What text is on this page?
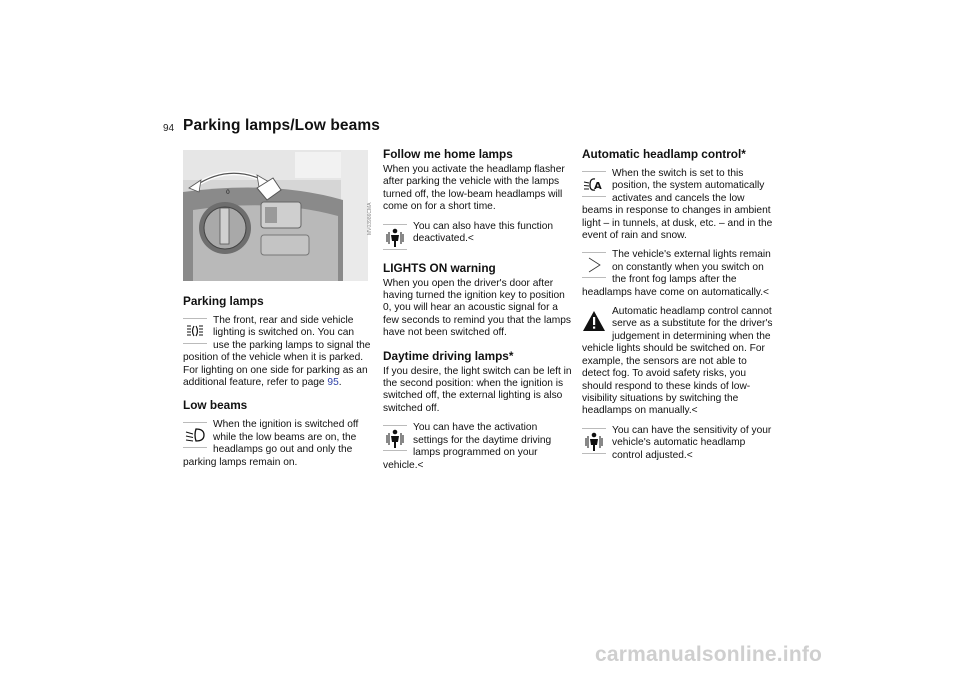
94 Parking lamps/Low beams
0
MV03986CMA
Parking lamps
The front, rear and side vehicle lighting is switched on. You can use the parking lamps to signal the position of the vehicle when it is parked. For lighting on one side for parking as an additional feature, refer to page 95.
Low beams
When the ignition is switched off while the low beams are on, the headlamps go out and only the parking lamps remain on.
Follow me home lamps

When you activate the headlamp flasher after parking the vehicle with the lamps turned off, the low-beam headlamps will come on for a short time.

You can also have this function deactivated.<
LIGHTS ON warning

When you open the driver's door after having turned the ignition key to position 0, you will hear an acoustic signal for a few seconds to remind you that the lamps have not been switched off.

Daytime driving lamps*

If you desire, the light switch can be left in the second position: when the ignition is switched off, the external lighting is also switched off.

You can have the activation settings for the daytime driving lamps programmed on your vehicle.<
Automatic headlamp control*
A
When the switch is set to this position, the system automatically activates and cancels the low beams in response to changes in ambient light – in tunnels, at dusk, etc. – and in the event of rain and snow.
The vehicle's external lights remain on constantly when you switch on the front fog lamps after the headlamps have come on automatically.<
Automatic headlamp control cannot serve as a substitute for the driver's judgement in determining when the vehicle lights should be switched on. For example, the sensors are not able to detect fog. To avoid safety risks, you should respond to these kinds of low-visibility situations by switching the headlamps on manually.<
You can have the sensitivity of your vehicle's automatic headlamp control adjusted.<
carmanualsonline.info
